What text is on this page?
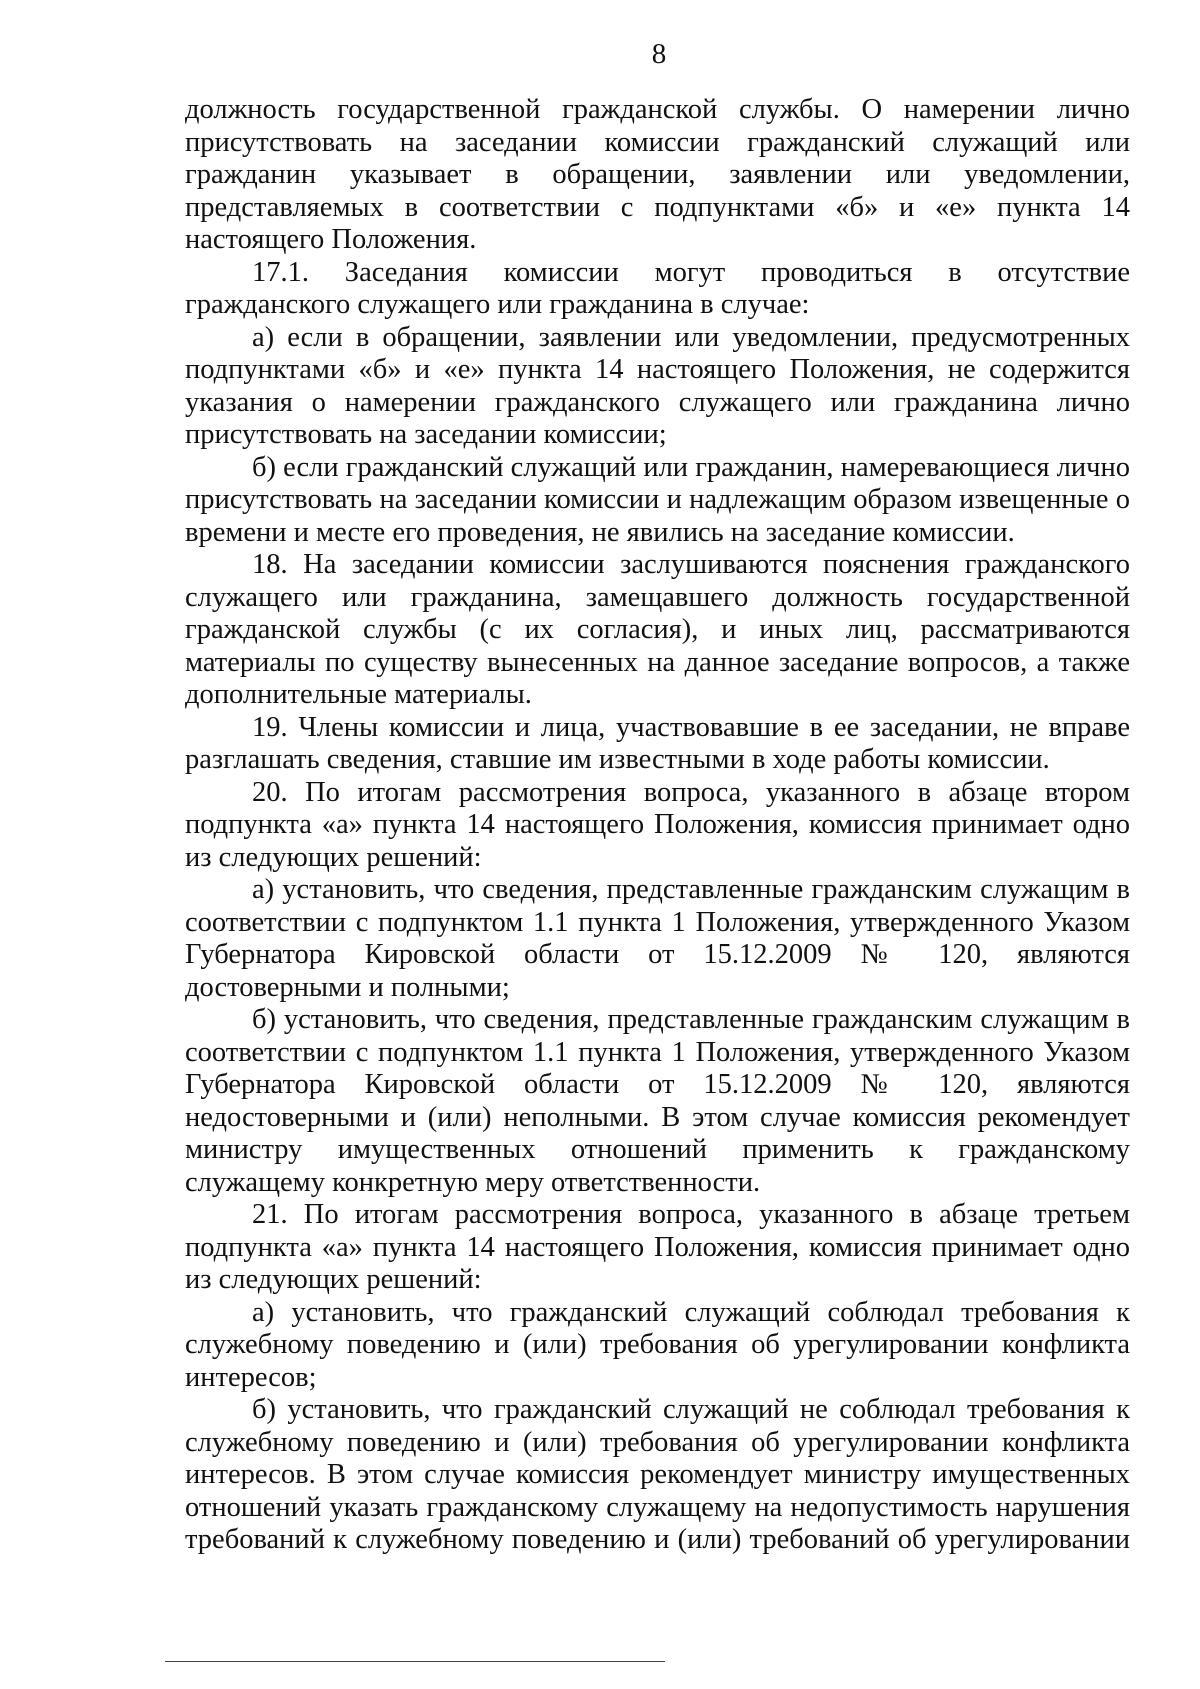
8

должность государственной гражданской службы. О намерении лично присутствовать на заседании комиссии гражданский служащий или гражданин указывает в обращении, заявлении или уведомлении, представляемых в соответствии с подпунктами «б» и «е» пункта 14 настоящего Положения.

17.1. Заседания комиссии могут проводиться в отсутствие гражданского служащего или гражданина в случае:

а) если в обращении, заявлении или уведомлении, предусмотренных подпунктами «б» и «е» пункта 14 настоящего Положения, не содержится указания о намерении гражданского служащего или гражданина лично присутствовать на заседании комиссии;

б) если гражданский служащий или гражданин, намеревающиеся лично присутствовать на заседании комиссии и надлежащим образом извещенные о времени и месте его проведения, не явились на заседание комиссии.

18. На заседании комиссии заслушиваются пояснения гражданского служащего или гражданина, замещавшего должность государственной гражданской службы (с их согласия), и иных лиц, рассматриваются материалы по существу вынесенных на данное заседание вопросов, а также дополнительные материалы.

19. Члены комиссии и лица, участвовавшие в ее заседании, не вправе разглашать сведения, ставшие им известными в ходе работы комиссии.

20. По итогам рассмотрения вопроса, указанного в абзаце втором подпункта «а» пункта 14 настоящего Положения, комиссия принимает одно из следующих решений:

а) установить, что сведения, представленные гражданским служащим в соответствии с подпунктом 1.1 пункта 1 Положения, утвержденного Указом Губернатора Кировской области от 15.12.2009 № 120, являются достоверными и полными;

б) установить, что сведения, представленные гражданским служащим в соответствии с подпунктом 1.1 пункта 1 Положения, утвержденного Указом Губернатора Кировской области от 15.12.2009 № 120, являются недостоверными и (или) неполными. В этом случае комиссия рекомендует министру имущественных отношений применить к гражданскому служащему конкретную меру ответственности.

21. По итогам рассмотрения вопроса, указанного в абзаце третьем подпункта «а» пункта 14 настоящего Положения, комиссия принимает одно из следующих решений:

а) установить, что гражданский служащий соблюдал требования к служебному поведению и (или) требования об урегулировании конфликта интересов;

б) установить, что гражданский служащий не соблюдал требования к служебному поведению и (или) требования об урегулировании конфликта интересов. В этом случае комиссия рекомендует министру имущественных отношений указать гражданскому служащему на недопустимость нарушения требований к служебному поведению и (или) требований об урегулировании
